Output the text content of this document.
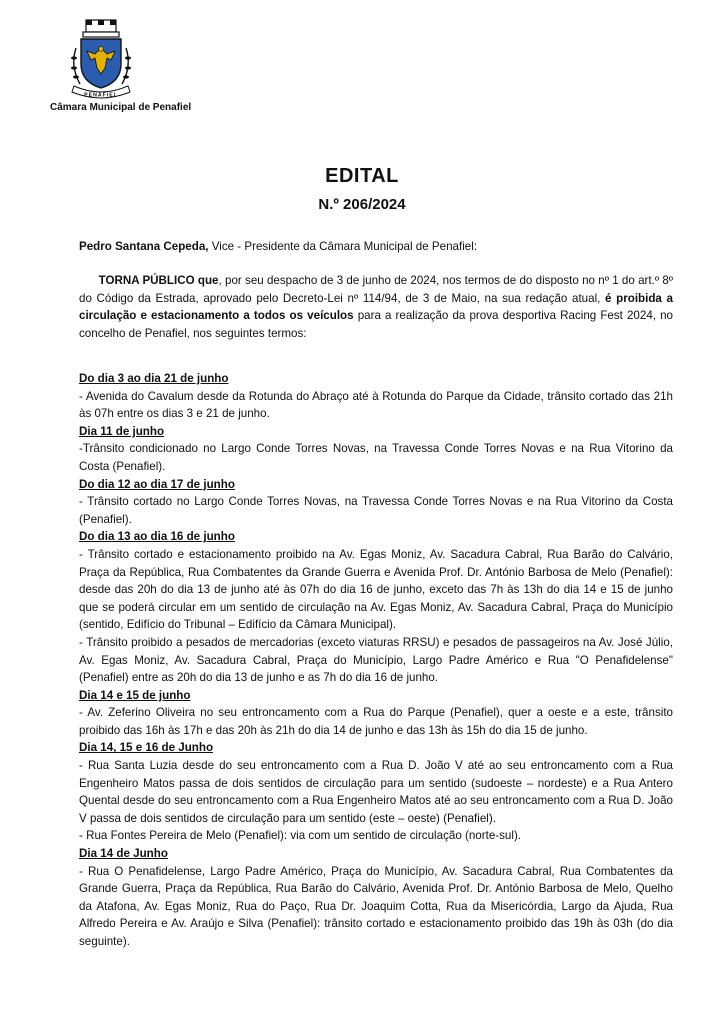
PENAFIEL
Câmara Municipal de Penafiel
EDITAL
N.º 206/2024

Pedro Santana Cepeda, Vice - Presidente da Câmara Municipal de Penafiel:

TORNA PÚBLICO que, por seu despacho de 3 de junho de 2024, nos termos de do disposto no nº 1 do art.º 8º do Código da Estrada, aprovado pelo Decreto-Lei nº 114/94, de 3 de Maio, na sua redação atual, é proibida a circulação e estacionamento a todos os veículos para a realização da prova desportiva Racing Fest 2024, no concelho de Penafiel, nos seguintes termos:

Do dia 3 ao dia 21 de junho

- Avenida do Cavalum desde da Rotunda do Abraço até à Rotunda do Parque da Cidade, trânsito cortado das 21h às 07h entre os dias 3 e 21 de junho.

Dia 11 de junho

-Trânsito condicionado no Largo Conde Torres Novas, na Travessa Conde Torres Novas e na Rua Vitorino da Costa (Penafiel).

Do dia 12 ao dia 17 de junho

- Trânsito cortado no Largo Conde Torres Novas, na Travessa Conde Torres Novas e na Rua Vitorino da Costa (Penafiel).

Do dia 13 ao dia 16 de junho

- Trânsito cortado e estacionamento proibido na Av. Egas Moniz, Av. Sacadura Cabral, Rua Barão do Calvário, Praça da República, Rua Combatentes da Grande Guerra e Avenida Prof. Dr. António Barbosa de Melo (Penafiel): desde das 20h do dia 13 de junho até às 07h do dia 16 de junho, exceto das 7h às 13h do dia 14 e 15 de junho que se poderá circular em um sentido de circulação na Av. Egas Moniz, Av. Sacadura Cabral, Praça do Município (sentido, Edifício do Tribunal – Edifício da Câmara Municipal).

- Trânsito proibido a pesados de mercadorias (exceto viaturas RRSU) e pesados de passageiros na Av. José Júlio, Av. Egas Moniz, Av. Sacadura Cabral, Praça do Município, Largo Padre Américo e Rua "O Penafidelense" (Penafiel) entre as 20h do dia 13 de junho e as 7h do dia 16 de junho.

Dia 14 e 15 de junho

- Av. Zeferino Oliveira no seu entroncamento com a Rua do Parque (Penafiel), quer a oeste e a este, trânsito proibido das 16h às 17h e das 20h às 21h do dia 14 de junho e das 13h às 15h do dia 15 de junho.

Dia 14, 15 e 16 de Junho

- Rua Santa Luzia desde do seu entroncamento com a Rua D. João V até ao seu entroncamento com a Rua Engenheiro Matos passa de dois sentidos de circulação para um sentido (sudoeste – nordeste) e a Rua Antero Quental desde do seu entroncamento com a Rua Engenheiro Matos até ao seu entroncamento com a Rua D. João V passa de dois sentidos de circulação para um sentido (este – oeste) (Penafiel).

- Rua Fontes Pereira de Melo (Penafiel): via com um sentido de circulação (norte-sul).

Dia 14 de Junho

- Rua O Penafidelense, Largo Padre Américo, Praça do Município, Av. Sacadura Cabral, Rua Combatentes da Grande Guerra, Praça da República, Rua Barão do Calvário, Avenida Prof. Dr. António Barbosa de Melo, Quelho da Atafona, Av. Egas Moniz, Rua do Paço, Rua Dr. Joaquim Cotta, Rua da Misericórdia, Largo da Ajuda, Rua Alfredo Pereira e Av. Araújo e Silva (Penafiel): trânsito cortado e estacionamento proibido das 19h às 03h (do dia seguinte).
